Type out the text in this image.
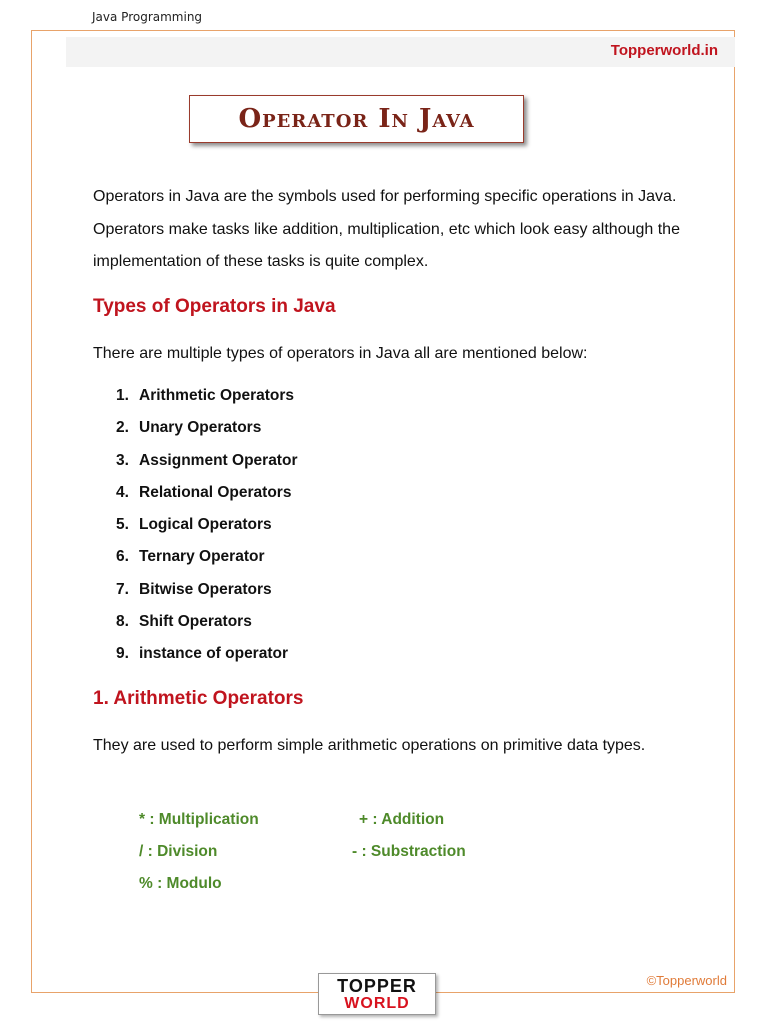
Java Programming
Topperworld.in
Operator In Java
Operators in Java are the symbols used for performing specific operations in Java. Operators make tasks like addition, multiplication, etc which look easy although the implementation of these tasks is quite complex.
Types of Operators in Java
There are multiple types of operators in Java all are mentioned below:
1. Arithmetic Operators
2. Unary Operators
3. Assignment Operator
4. Relational Operators
5. Logical Operators
6. Ternary Operator
7. Bitwise Operators
8. Shift Operators
9. instance of operator
1. Arithmetic Operators
They are used to perform simple arithmetic operations on primitive data types.
* : Multiplication	+ : Addition
/ : Division	- : Substraction
% : Modulo
TOPPER
WORLD
©Topperworld
